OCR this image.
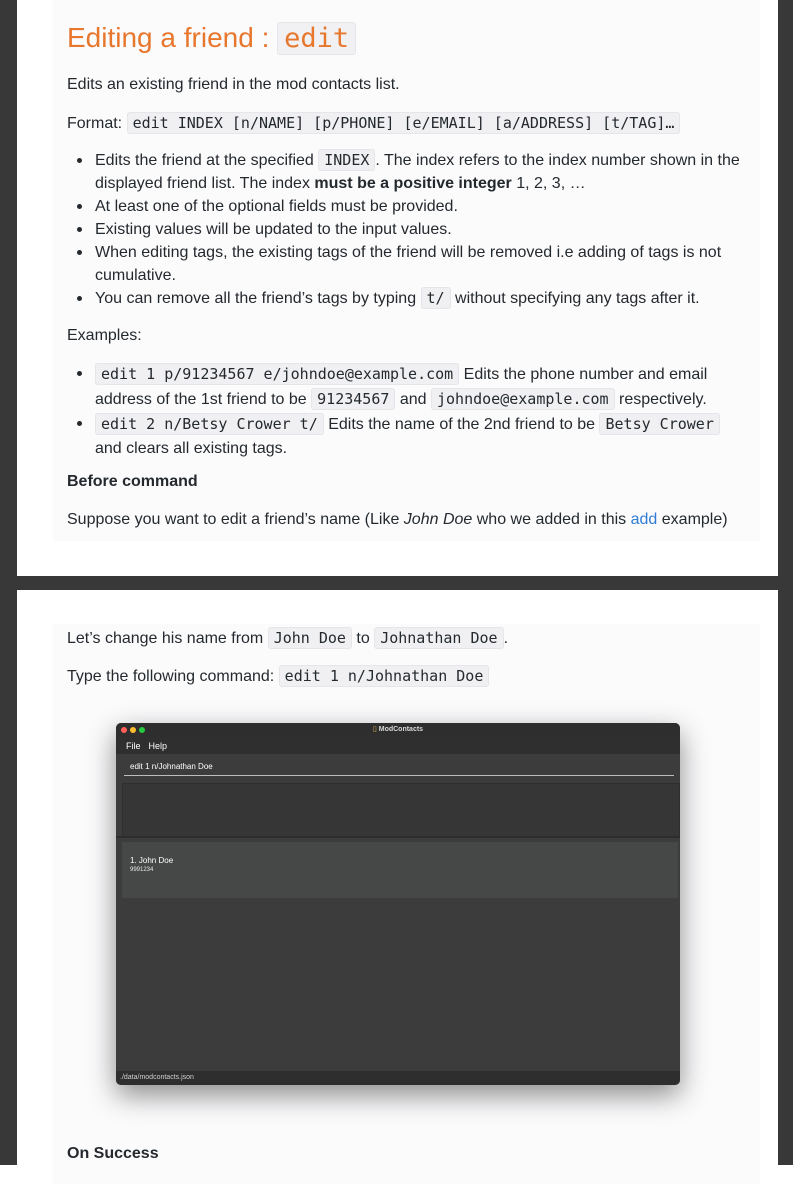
Editing a friend : edit
Edits an existing friend in the mod contacts list.
Format: edit INDEX [n/NAME] [p/PHONE] [e/EMAIL] [a/ADDRESS] [t/TAG]…
Edits the friend at the specified INDEX . The index refers to the index number shown in the
displayed friend list. The index must be a positive integer 1, 2, 3, …
At least one of the optional fields must be provided.
Existing values will be updated to the input values.
When editing tags, the existing tags of the friend will be removed i.e adding of tags is not
cumulative.
You can remove all the friend’s tags by typing t/ without specifying any tags after it.
Examples:
edit 1 p/91234567 e/johndoe@example.com Edits the phone number and email
address of the 1st friend to be 91234567 and johndoe@example.com respectively.
edit 2 n/Betsy Crower t/ Edits the name of the 2nd friend to be Betsy Crower
and clears all existing tags.
Before command
Suppose you want to edit a friend’s name (Like John Doe who we added in this add example)
Let’s change his name from John Doe to Johnathan Doe .
Type the following command: edit 1 n/Johnathan Doe
▯ ModContacts
File Help
edit 1 n/Johnathan Doe
1. John Doe
9991234
./data/modcontacts.json
On Success
